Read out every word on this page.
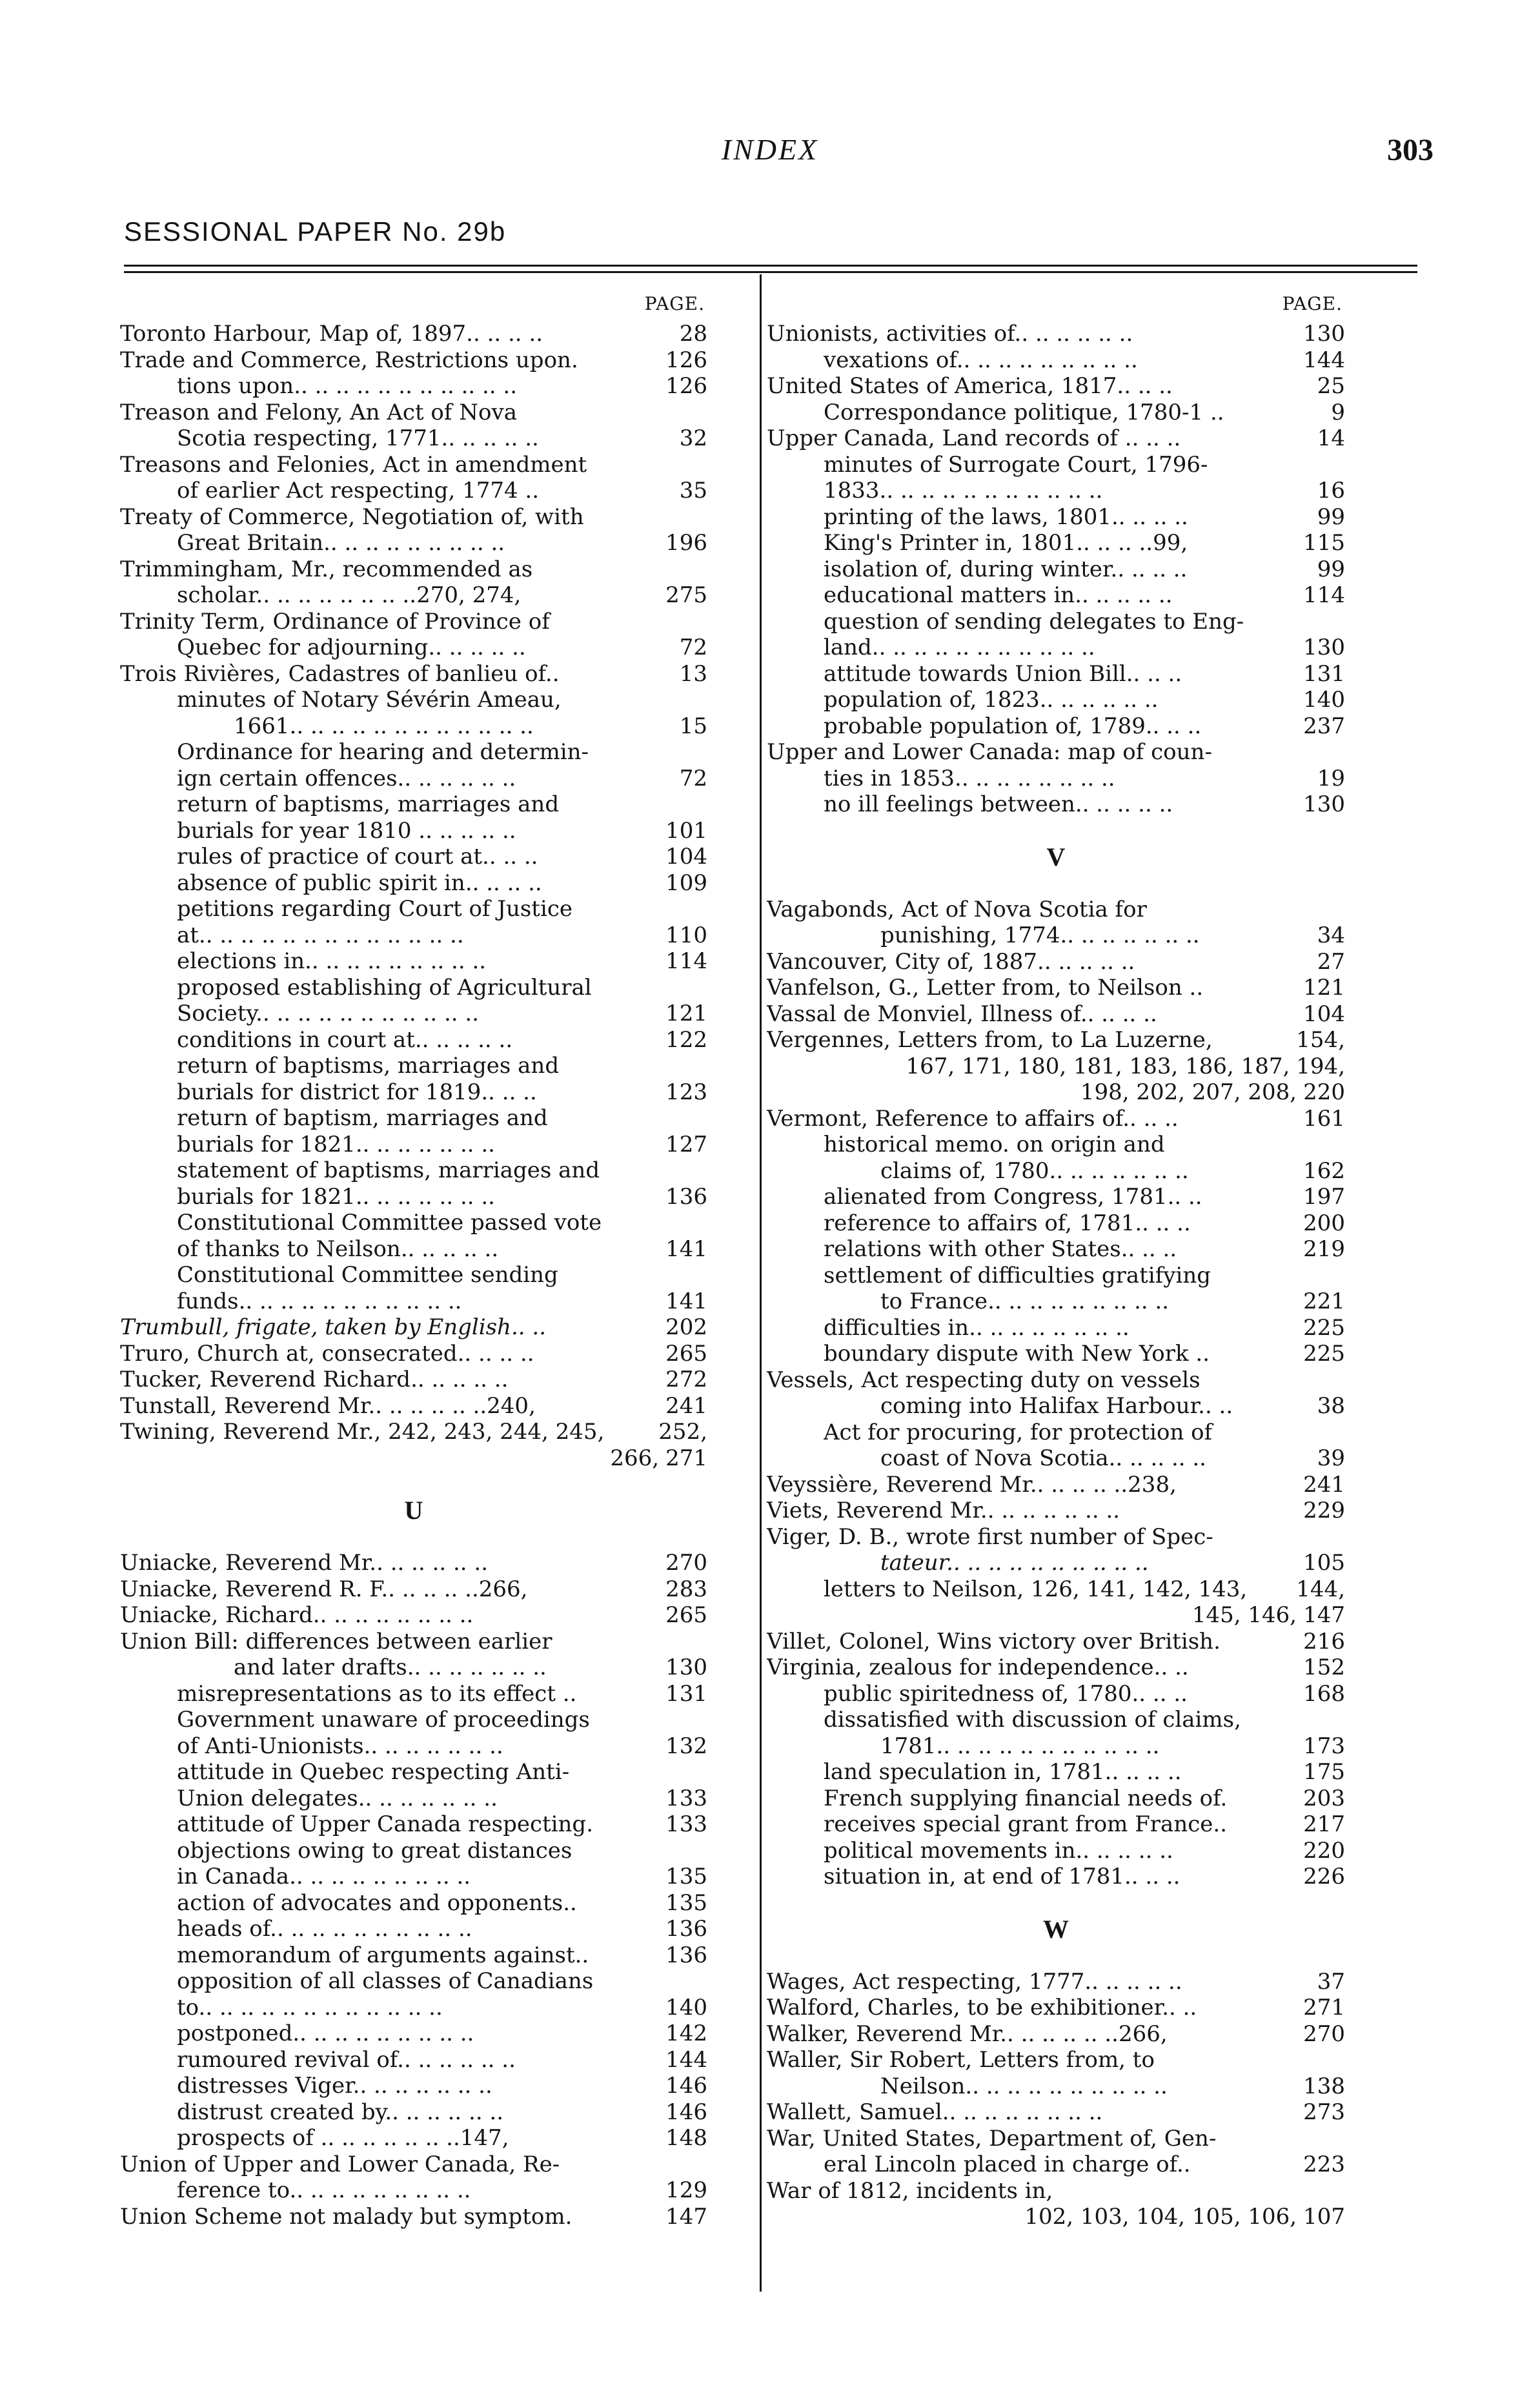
INDEX	303
SESSIONAL PAPER No. 29b
PAGE.
Toronto Harbour, Map of, 1897.. .. .. ..	28
Trade and Commerce, Restrictions upon.	126
tions upon.. .. .. .. .. .. .. .. .. .. ..	126
Treason and Felony, An Act of Nova
Scotia respecting, 1771.. .. .. .. ..	32
Treasons and Felonies, Act in amendment
of earlier Act respecting, 1774 ..	35
Treaty of Commerce, Negotiation of, with
Great Britain.. .. .. .. .. .. .. .. ..	196
Trimmingham, Mr., recommended as
scholar.. .. .. .. .. .. .. ..270, 274,	275
Trinity Term, Ordinance of Province of
Quebec for adjourning.. .. .. .. ..	72
Trois Rivières, Cadastres of banlieu of..	13
minutes of Notary Sévérin Ameau,
1661.. .. .. .. .. .. .. .. .. .. .. ..	15
Ordinance for hearing and determin-
ign certain offences.. .. .. .. .. ..	72
return of baptisms, marriages and
burials for year 1810 .. .. .. .. ..	101
rules of practice of court at.. .. ..	104
absence of public spirit in.. .. .. ..	109
petitions regarding Court of Justice
at.. .. .. .. .. .. .. .. .. .. .. .. ..	110
elections in.. .. .. .. .. .. .. .. ..	114
proposed establishing of Agricultural
Society.. .. .. .. .. .. .. .. .. .. ..	121
conditions in court at.. .. .. .. ..	122
return of baptisms, marriages and
burials for district for 1819.. .. ..	123
return of baptism, marriages and
burials for 1821.. .. .. .. .. .. ..	127
statement of baptisms, marriages and
burials for 1821.. .. .. .. .. .. ..	136
Constitutional Committee passed vote
of thanks to Neilson.. .. .. .. ..	141
Constitutional Committee sending
funds.. .. .. .. .. .. .. .. .. .. ..	141
Trumbull, frigate, taken by English.. ..	202
Truro, Church at, consecrated.. .. .. ..	265
Tucker, Reverend Richard.. .. .. .. ..	272
Tunstall, Reverend Mr.. .. .. .. .. ..240,	241
Twining, Reverend Mr., 242, 243, 244, 245,	252,
266, 271
U
Uniacke, Reverend Mr.. .. .. .. .. ..	270
Uniacke, Reverend R. F.. .. .. .. ..266,	283
Uniacke, Richard.. .. .. .. .. .. .. ..	265
Union Bill: differences between earlier
and later drafts.. .. .. .. .. .. ..	130
misrepresentations as to its effect ..	131
Government unaware of proceedings
of Anti-Unionists.. .. .. .. .. .. ..	132
attitude in Quebec respecting Anti-
Union delegates.. .. .. .. .. .. ..	133
attitude of Upper Canada respecting.	133
objections owing to great distances
in Canada.. .. .. .. .. .. .. .. ..	135
action of advocates and opponents..	135
heads of.. .. .. .. .. .. .. .. .. ..	136
memorandum of arguments against..	136
opposition of all classes of Canadians
to.. .. .. .. .. .. .. .. .. .. .. ..	140
postponed.. .. .. .. .. .. .. .. ..	142
rumoured revival of.. .. .. .. .. ..	144
distresses Viger.. .. .. .. .. .. ..	146
distrust created by.. .. .. .. .. ..	146
prospects of .. .. .. .. .. .. ..147,	148
Union of Upper and Lower Canada, Re-
ference to.. .. .. .. .. .. .. .. ..	129
Union Scheme not malady but symptom.	147
PAGE.
Unionists, activities of.. .. .. .. .. ..	130
vexations of.. .. .. .. .. .. .. .. ..	144
United States of America, 1817.. .. ..	25
Correspondance politique, 1780-1 ..	9
Upper Canada, Land records of .. .. ..	14
minutes of Surrogate Court, 1796-
1833.. .. .. .. .. .. .. .. .. .. ..	16
printing of the laws, 1801.. .. .. ..	99
King's Printer in, 1801.. .. .. ..99,	115
isolation of, during winter.. .. .. ..	99
educational matters in.. .. .. .. ..	114
question of sending delegates to Eng-
land.. .. .. .. .. .. .. .. .. .. ..	130
attitude towards Union Bill.. .. ..	131
population of, 1823.. .. .. .. .. ..	140
probable population of, 1789.. .. ..	237
Upper and Lower Canada: map of coun-
ties in 1853.. .. .. .. .. .. .. ..	19
no ill feelings between.. .. .. .. ..	130
V
Vagabonds, Act of Nova Scotia for
punishing, 1774.. .. .. .. .. .. ..	34
Vancouver, City of, 1887.. .. .. .. ..	27
Vanfelson, G., Letter from, to Neilson ..	121
Vassal de Monviel, Illness of.. .. .. ..	104
Vergennes, Letters from, to La Luzerne,	154,
167, 171, 180, 181, 183, 186, 187, 194,
198, 202, 207, 208, 220
Vermont, Reference to affairs of.. .. ..	161
historical memo. on origin and
claims of, 1780.. .. .. .. .. .. ..	162
alienated from Congress, 1781.. ..	197
reference to affairs of, 1781.. .. ..	200
relations with other States.. .. ..	219
settlement of difficulties gratifying
to France.. .. .. .. .. .. .. .. ..	221
difficulties in.. .. .. .. .. .. .. ..	225
boundary dispute with New York ..	225
Vessels, Act respecting duty on vessels
coming into Halifax Harbour.. ..	38
Act for procuring, for protection of
coast of Nova Scotia.. .. .. .. ..	39
Veyssière, Reverend Mr.. .. .. .. ..238,	241
Viets, Reverend Mr.. .. .. .. .. .. ..	229
Viger, D. B., wrote first number of Spec-
tateur.. .. .. .. .. .. .. .. .. ..	105
letters to Neilson, 126, 141, 142, 143,	144,
145, 146, 147
Villet, Colonel, Wins victory over British.	216
Virginia, zealous for independence.. ..	152
public spiritedness of, 1780.. .. ..	168
dissatisfied with discussion of claims,
1781.. .. .. .. .. .. .. .. .. .. ..	173
land speculation in, 1781.. .. .. ..	175
French supplying financial needs of.	203
receives special grant from France..	217
political movements in.. .. .. .. ..	220
situation in, at end of 1781.. .. ..	226
W
Wages, Act respecting, 1777.. .. .. .. ..	37
Walford, Charles, to be exhibitioner.. ..	271
Walker, Reverend Mr.. .. .. .. .. ..266,	270
Waller, Sir Robert, Letters from, to
Neilson.. .. .. .. .. .. .. .. .. ..	138
Wallett, Samuel.. .. .. .. .. .. .. ..	273
War, United States, Department of, Gen-
eral Lincoln placed in charge of..	223
War of 1812, incidents in,
102, 103, 104, 105, 106, 107
